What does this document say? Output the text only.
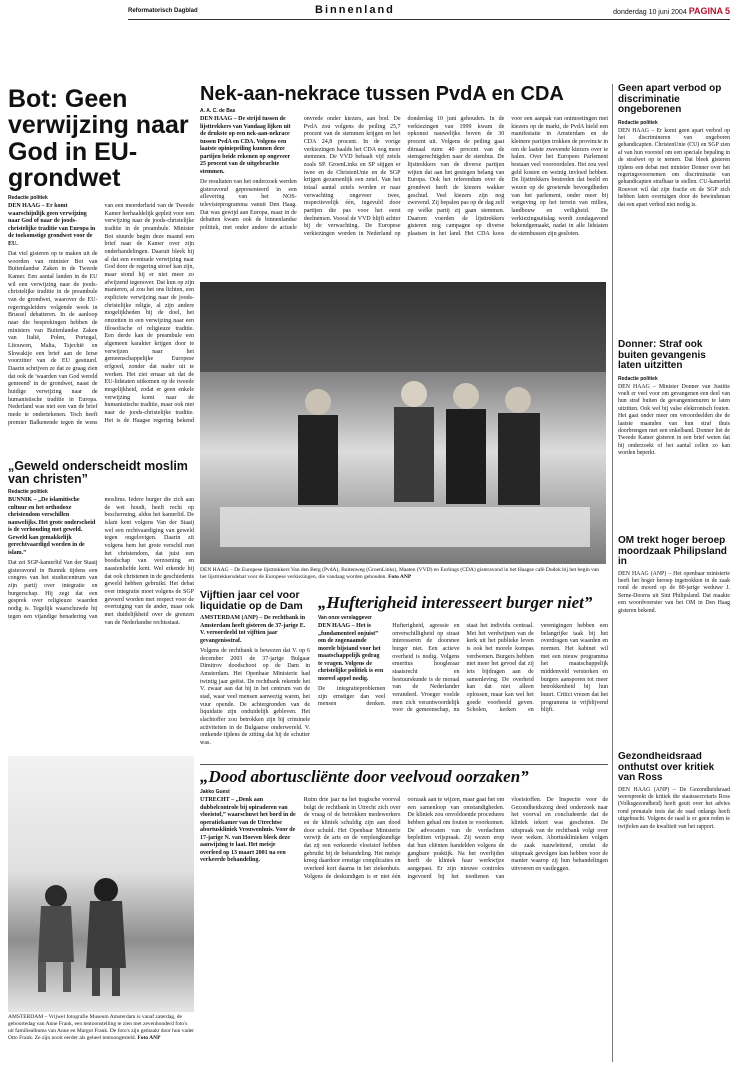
Reformatorisch Dagblad	Binnenland	donderdag 10 juni 2004 PAGINA 5
Bot: Geen verwijzing naar God in EU-grondwet
Redactie politiek

DEN HAAG – Er komt waarschijnlijk geen verwijzing naar God of naar de joods-christelijke traditie van Europa in de toekomstige grondwet voor de EU.

Dat viel gisteren op te maken uit de woorden van minister Bot van Buitenlandse Zaken in de Tweede Kamer. Een aantal landen in de EU wil een verwijzing naar de joods-christelijke traditie in de preambule van de grondwet, waarover de EU-regeringsleiders volgende week in Brussel debatteren. In de aanloop naar die besprekingen hebben de ministers van Buitenlandse Zaken van Italië, Polen, Portugal, Litouwen, Malta, Tsjechië en Slowakije een brief aan de Ierse voorzitter van de EU gestuurd. Daarin schrijven ze dat ze graag zien dat ook de 'waarden van God wereld gemeend' in de grondwet, naast de huidige verwijzing naar de humanistische traditie in Europa. Nederland was niet een van de brief mede te ondertekenen. Toch heeft premier Balkenende tegen de wens van een meerderheid van de Tweede Kamer herhaaldelijk gepleit voor een verwijzing naar de joods-christelijke traditie in de preambule. Minister Bot stuurde begin deze maand een brief naar de Kamer over zijn onderhandelingen. Daaruit bleek hij al dat een eventuele verwijzing naar God door de regering stroef kan zijn, maar stond hij er niet meer zo afwijzend tegenover. Dat kun op zijn manieren, al zou het ons lichten, een expliciete verwijzing naar de joods-christelijke religie, al zijn andere mogelijkheden bij de doel, het omzetten in een verwijzing naar een filosofische of religieuze traditie. Een derde kan de preambule een algemeen karakter krijgen door te verwijzen naar het gemeenschappelijke Europese erfgoed, zonder dat nader uit te werken. Het ziet ernaar uit dat de EU-lidstaten uitkomen op de tweede mogelijkheid, zodat er geen enkele verwijzing komt naar de humanistische traditie, maar ook niet naar de joods-christelijke traditie. Het is de Haagse regering bekend

Nek-aan-nekrace tussen PvdA en CDA
A. A. C. de Bas

DEN HAAG – De strijd tussen de lijsttrekkers van Vandaag lijken uit de drukste op een nek-aan-nekrace tussen PvdA en CDA. Volgens een laatste opiniepeiling kunnen deze partijen beide rekenen op ongeveer 25 procent van de uitgebrachte stemmen.

De resultaten van het onderzoek werden gisteravond gepresenteerd in een aflevering van het NOS-televisieprogramma vanuit Den Haag. Dat was gewijd aan Europa, maar in de debatten kwam ook de binnenlandse politiek, met onder andere de actuele onvrede onder kiezers, aan bod. De PvdA zou volgens de peiling 25,7 procent van de stemmen krijgen en het CDA 24,8 procent. In de vorige verkiezingen haalde het CDA nog meer stemmen. De VVD behaalt vijf zetels zoals SP. GroenLinks en SP stijgen er twee en de ChristenUnie en de SGP krijgen gezamenlijk een zetel. Van het totaal aantal zetels worden er naar verwachting ongeveer twee, respectievelijk één, ingevuld door partijen die pas voor het eerst deelnemen. Vooral de VVD blijft achter bij de verwachting. De Europese verkiezingen worden in Nederland op donderdag 10 juni gehouden. In de verkiezingen van 1999 kwam de opkomst nauwelijks boven de 30 procent uit. Volgens de peiling gaat ditmaal ruim 40 procent van de stemgerechtigden naar de stembus. De lijsttrekkers van de diverse partijen wijten dat aan het gestegen belang van Europa. Ook het referendum over de grondwet heeft de kiezers wakker geschud. Veel kiezers zijn nog zwevend. Zij bepalen pas op de dag zelf op welke partij zij gaan stemmen. Daarom voerden de lijsttrekkers gisteren nog campagne op diverse plaatsen in het land. Het CDA koos voor een aanpak van ontmoetingen met kiezers op de markt, de PvdA hield een manifestatie in Amsterdam en de kleinere partijen trokken de provincie in om de laatste zwevende kiezers over te halen. Over het Europees Parlement bestaan veel vooroordelen. Het zou veel geld kosten en weinig invloed hebben. De lijsttrekkers bestreden dat beeld en wezen op de groeiende bevoegdheden van het parlement, onder meer bij wetgeving op het terrein van milieu, landbouw en veiligheid. De verkiezingsuitslag wordt zondagavond bekendgemaakt, nadat in alle lidstaten de stembussen zijn gesloten.

DEN HAAG – De Europese lijsttrekkers Van den Berg (PvdA), Buitenweg (GroenLinks), Maaten (VVD) en Eurlings (CDA) gisteravond in het Haagse café Dudok bij het begin van het lijsttrekkersdebat voor de Europese verkiezingen, die vandaag worden gehouden. Foto ANP
„Geweld onderscheidt moslim van christen”
Redactie politiek

BUNNIK – „De islamitische cultuur en het orthodoxe christendom verschillen nauwelijks. Het grote onderscheid is de verhouding met geweld. Geweld kan gemakkelijk gerechtvaardigd worden in de islam.”

Dat zei SGP-kamerlid Van der Staaij gisteravond in Bunnik tijdens een congres van het studiecentrum van zijn partij over integratie en burgerschap. Hij zegt dat een gesprek over religieuze waarden nodig is. Tegelijk waarschuwde hij tegen een vijandige benadering van moslims. Iedere burger die zich aan de wet houdt, heeft recht op bescherming, aldus het kamerlid. De islam kent volgens Van der Staaij wel een rechtvaardiging van geweld tegen ongelovigen. Daarin zit volgens hem het grote verschil met het christendom, dat juist een boodschap van verzoening en naastenliefde kent. Wel erkende hij dat ook christenen in de geschiedenis geweld hebben gebruikt. Het debat over integratie moet volgens de SGP gevoerd worden met respect voor de overtuiging van de ander, maar ook met duidelijkheid over de grenzen van de Nederlandse rechtsstaat.

AMSTERDAM – Vrijwel fotografie Museum Amsterdam is vanaf zaterdag, de geboortedag van Anne Frank, een tentoonstelling te zien met zevenhonderd foto's uit familiealbums van Anne en Margot Frank. De foto's zijn gemaakt door hun vader Otto Frank. Ze zijn nooit eerder als geheel tentoongesteld. Foto ANP
Vijftien jaar cel voor liquidatie op de Dam

AMSTERDAM (ANP) – De rechtbank in Amsterdam heeft gisteren de 37-jarige E. V. veroordeeld tot vijftien jaar gevangenisstraf.

Volgens de rechtbank is bewezen dat V. op 6 december 2003 de 37-jarige Bulgaar Dimitrov doodschoot op de Dam in Amsterdam. Het Openbaar Ministerie had twintig jaar geëist. De rechtbank rekende het V. zwaar aan dat hij in het centrum van de stad, waar veel mensen aanwezig waren, het vuur opende. De achtergronden van de liquidatie zijn onduidelijk gebleven. Het slachtoffer zou betrokken zijn bij criminele activiteiten in de Bulgaarse onderwereld. V. ontkende tijdens de zitting dat hij de schutter was.

„Hufterigheid interesseert burger niet”
Van onze verslaggever

DEN HAAG – Het is „fundamenteel onjuist” om de zogenaamde morele bijstand voor het maatschappelijk gedrag te vragen. Volgens de christelijke politiek is een moreel appel nodig.

De integratieproblemen zijn ernstiger dan veel mensen denken. Hufterigheid, agressie en onverschilligheid op straat interesseren de doorsnee burger niet. Een actieve overheid is nodig. Volgens emeritus hoogleraar staatsrecht en bestuurskunde is de moraal van de Nederlander veranderd. Vroeger voelde men zich verantwoordelijk voor de gemeenschap, nu staat het individu centraal. Met het verdwijnen van de kerk uit het publieke leven is ook het morele kompas verdwenen. Burgers hebben niet meer het gevoel dat zij iets bijdragen aan de samenleving. De overheid kan dat niet alleen oplossen, maar kan wel het goede voorbeeld geven. Scholen, kerken en verenigingen hebben een belangrijke taak bij het overdragen van waarden en normen. Het kabinet wil met een nieuw programma het maatschappelijk middenveld versterken en burgers aansporen tot meer betrokkenheid bij hun buurt. Critici vrezen dat het programma te vrijblijvend blijft.

„Dood abortuscliënte door veelvoud oorzaken”
Jakko Guest

UTRECHT – „Denk aan dubbelcontrole bij opiraderen van vloeistof,” waarschuwt het bord in de operatiekamer van de Utrechtse abortuskliniek Vrouwenhuis. Voor de 17-jarige N. van Hoeven bleek deze aanwijzing te laat. Het meisje overleed op 13 maart 2001 na een verkeerde behandeling.

Ruim drie jaar na het tragische voorval bulgt de rechtbank in Utrecht zich over de vraag of de betrokken medewerkers en de kliniek schuldig zijn aan dood door schuld. Het Openbaar Ministerie verwijt de arts en de verpleegkundige dat zij een verkeerde vloeistof hebben gebruikt bij de behandeling. Het meisje kreeg daardoor ernstige complicaties en overleed kort daarna in het ziekenhuis. Volgens de deskundigen is er niet één oorzaak aan te wijzen, maar gaat het om een samenloop van omstandigheden. De kliniek zou onvoldoende procedures hebben gehad om fouten te voorkomen. De advocaten van de verdachten bepleitten vrijspraak. Zij wezen erop dat hun cliënten handelden volgens de gangbare praktijk. Na het overlijden heeft de kliniek haar werkwijze aangepast. Er zijn nieuwe controles ingevoerd bij het toedienen van vloeistoffen. De Inspectie voor de Gezondheidszorg deed onderzoek naar het voorval en concludeerde dat de kliniek tekort was geschoten. De uitspraak van de rechtbank volgt over twee weken. Abortusklinieken volgen de zaak nauwlettend, omdat de uitspraak gevolgen kan hebben voor de manier waarop zij hun behandelingen uitvoeren en vastleggen.

Geen apart verbod op discriminatie ongeborenen
Redactie politiek

DEN HAAG – Er komt geen apart verbod op het discrimineren van ongeboren gehandicapten. ChristenUnie (CU) en SGP zien af van hun voorstel om een speciale bepaling in de strafwet op te nemen. Dat bleek gisteren tijdens een debat met minister Donner over het regeringsvoornemen om discriminatie van gehandicapten strafbaar te stellen. CU-kamerlid Rouvoet wil dat zijn fractie en de SGP zich hebben laten overtuigen door de bewindsman dat een apart verbod niet nodig is.

Donner: Straf ook buiten gevangenis laten uitzitten
Redactie politiek

DEN HAAG – Minister Donner van Justitie voelt er veel voor om gevangenen een deel van hun straf buiten de gevangenismuren te laten uitzitten. Ook wel bij valse elektronisch fouten. Het gaat onder meer om veroordeelden die de laatste maanden van hun straf thuis doorbrengen met een enkelband. Donner liet de Tweede Kamer gisteren in een brief weten dat hij onderzoekt of het aantal cellen zo kan worden beperkt.

OM trekt hoger beroep moordzaak Philipsland in

DEN HAAG (ANP) – Het openbaar ministerie heeft het hoger beroep ingetrokken in de zaak rond de moord op de 80-jarige weduwe J. Serne-Doorns uit Sint Philipsland. Dat maakte een woordvoerster van het OM in Den Haag gisteren bekend.

Gezondheidsraad onthutst over kritiek van Ross

DEN HAAG (ANP) – De Gezondheidsraad weerspreekt de kritiek die staatssecretaris Ross (Volksgezondheid) heeft geuit over het advies rond prenatale tests dat de raad onlangs heeft uitgebracht. Volgens de raad is er geen reden te twijfelen aan de kwaliteit van het rapport.
